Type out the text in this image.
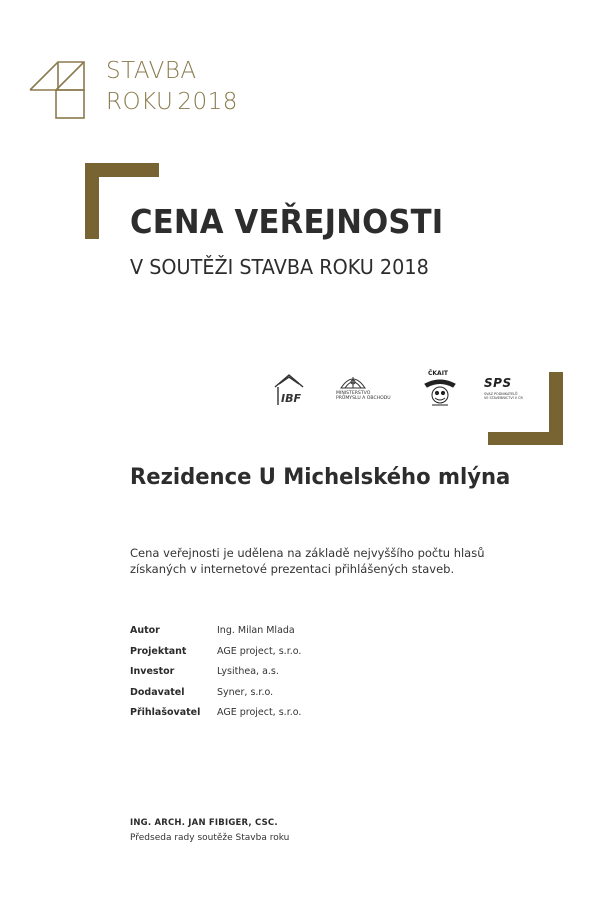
STAVBA
ROKU 2018
CENA VEŘEJNOSTI
V SOUTĚŽI STAVBA ROKU 2018
IBF	MINISTERSTVO
PRŮMYSLU A OBCHODU
ČKAIT
SPS
SVAZ PODNIKATELŮ
VE STAVEBNICTVÍ V ČR
Rezidence U Michelského mlýna
Cena veřejnosti je udělena na základě nejvyššího počtu hlasů
získaných v internetové prezentaci přihlášených staveb.
Autor	Ing. Milan Mlada
Projektant	AGE project, s.r.o.
Investor	Lysithea, a.s.
Dodavatel	Syner, s.r.o.
Přihlašovatel AGE project, s.r.o.
ING. ARCH. JAN FIBIGER, CSC.
Předseda rady soutěže Stavba roku
